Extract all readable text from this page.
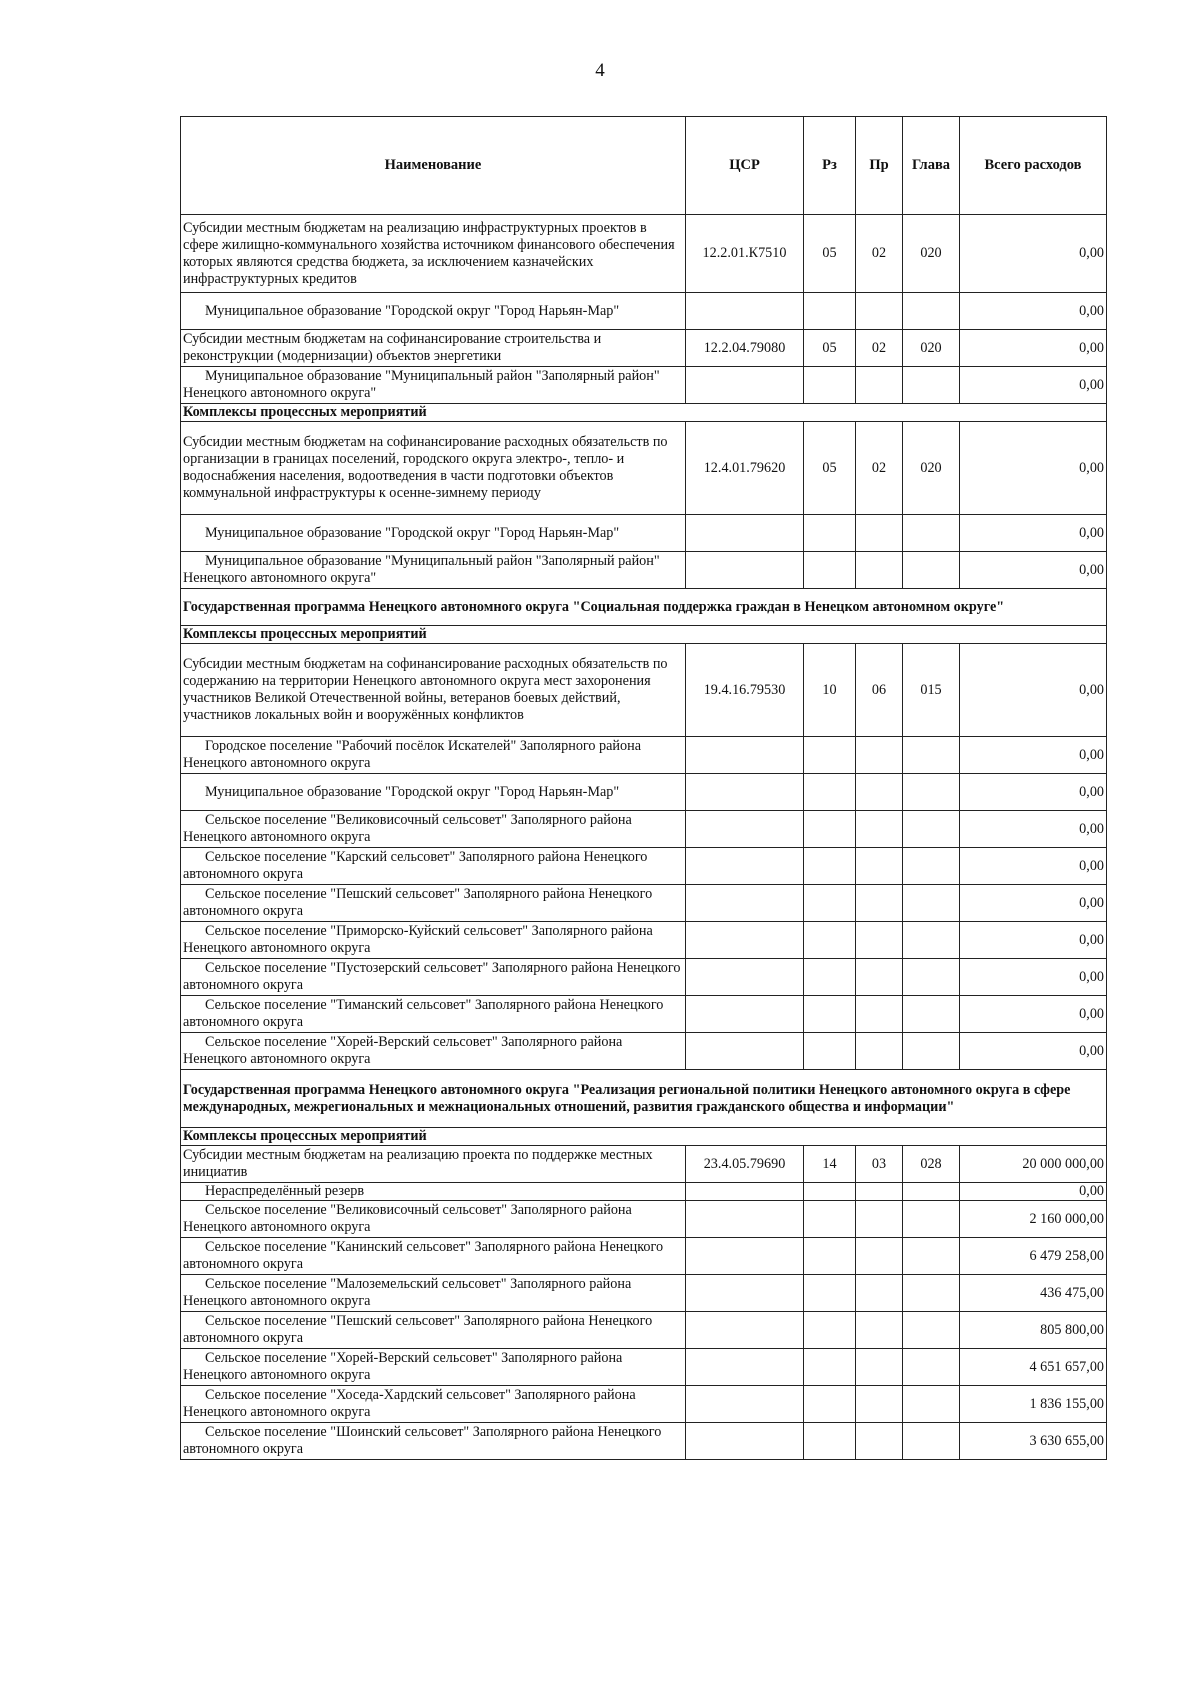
4
Наименование	ЦСР	Рз	Пр	Глава	Всего расходов
Субсидии местным бюджетам на реализацию инфраструктурных проектов в сфере жилищно-коммунального хозяйства источником финансового обеспечения которых являются средства бюджета, за исключением казначейских инфраструктурных кредитов	12.2.01.К7510	05	02	020	0,00
Муниципальное образование "Городской округ "Город Нарьян-Мар"					0,00
Субсидии местным бюджетам на софинансирование строительства и реконструкции (модернизации) объектов энергетики	12.2.04.79080	05	02	020	0,00
Муниципальное образование "Муниципальный район "Заполярный район" Ненецкого автономного округа"					0,00
Комплексы процессных мероприятий					
Субсидии местным бюджетам на софинансирование расходных обязательств по организации в границах поселений, городского округа электро-, тепло- и водоснабжения населения, водоотведения в части подготовки объектов коммунальной инфраструктуры к осенне-зимнему периоду	12.4.01.79620	05	02	020	0,00
Муниципальное образование "Городской округ "Город Нарьян-Мар"					0,00
Муниципальное образование "Муниципальный район "Заполярный район" Ненецкого автономного округа"					0,00
Государственная программа Ненецкого автономного округа "Социальная поддержка граждан в Ненецком автономном округе"					
Комплексы процессных мероприятий					
Субсидии местным бюджетам на софинансирование расходных обязательств по содержанию на территории Ненецкого автономного округа мест захоронения участников Великой Отечественной войны, ветеранов боевых действий, участников локальных войн и вооружённых конфликтов	19.4.16.79530	10	06	015	0,00
Городское поселение "Рабочий посёлок Искателей" Заполярного района Ненецкого автономного округа					0,00
Муниципальное образование "Городской округ "Город Нарьян-Мар"					0,00
Сельское поселение "Великовисочный сельсовет" Заполярного района Ненецкого автономного округа					0,00
Сельское поселение "Карский сельсовет" Заполярного района Ненецкого автономного округа					0,00
Сельское поселение "Пешский сельсовет" Заполярного района Ненецкого автономного округа					0,00
Сельское поселение "Приморско-Куйский сельсовет" Заполярного района Ненецкого автономного округа					0,00
Сельское поселение "Пустозерский сельсовет" Заполярного района Ненецкого автономного округа					0,00
Сельское поселение "Тиманский сельсовет" Заполярного района Ненецкого автономного округа					0,00
Сельское поселение "Хорей-Верский сельсовет" Заполярного района Ненецкого автономного округа					0,00
Государственная программа Ненецкого автономного округа "Реализация региональной политики Ненецкого автономного округа в сфере международных, межрегиональных и межнациональных отношений, развития гражданского общества и информации"					
Комплексы процессных мероприятий					
Субсидии местным бюджетам на реализацию проекта по поддержке местных инициатив	23.4.05.79690	14	03	028	20 000 000,00
Нераспределённый резерв					0,00
Сельское поселение "Великовисочный сельсовет" Заполярного района Ненецкого автономного округа					2 160 000,00
Сельское поселение "Канинский сельсовет" Заполярного района Ненецкого автономного округа					6 479 258,00
Сельское поселение "Малоземельский сельсовет" Заполярного района Ненецкого автономного округа					436 475,00
Сельское поселение "Пешский сельсовет" Заполярного района Ненецкого автономного округа					805 800,00
Сельское поселение "Хорей-Верский сельсовет" Заполярного района Ненецкого автономного округа					4 651 657,00
Сельское поселение "Хоседа-Хардский сельсовет" Заполярного района Ненецкого автономного округа					1 836 155,00
Сельское поселение "Шоинский сельсовет" Заполярного района Ненецкого автономного округа					3 630 655,00
